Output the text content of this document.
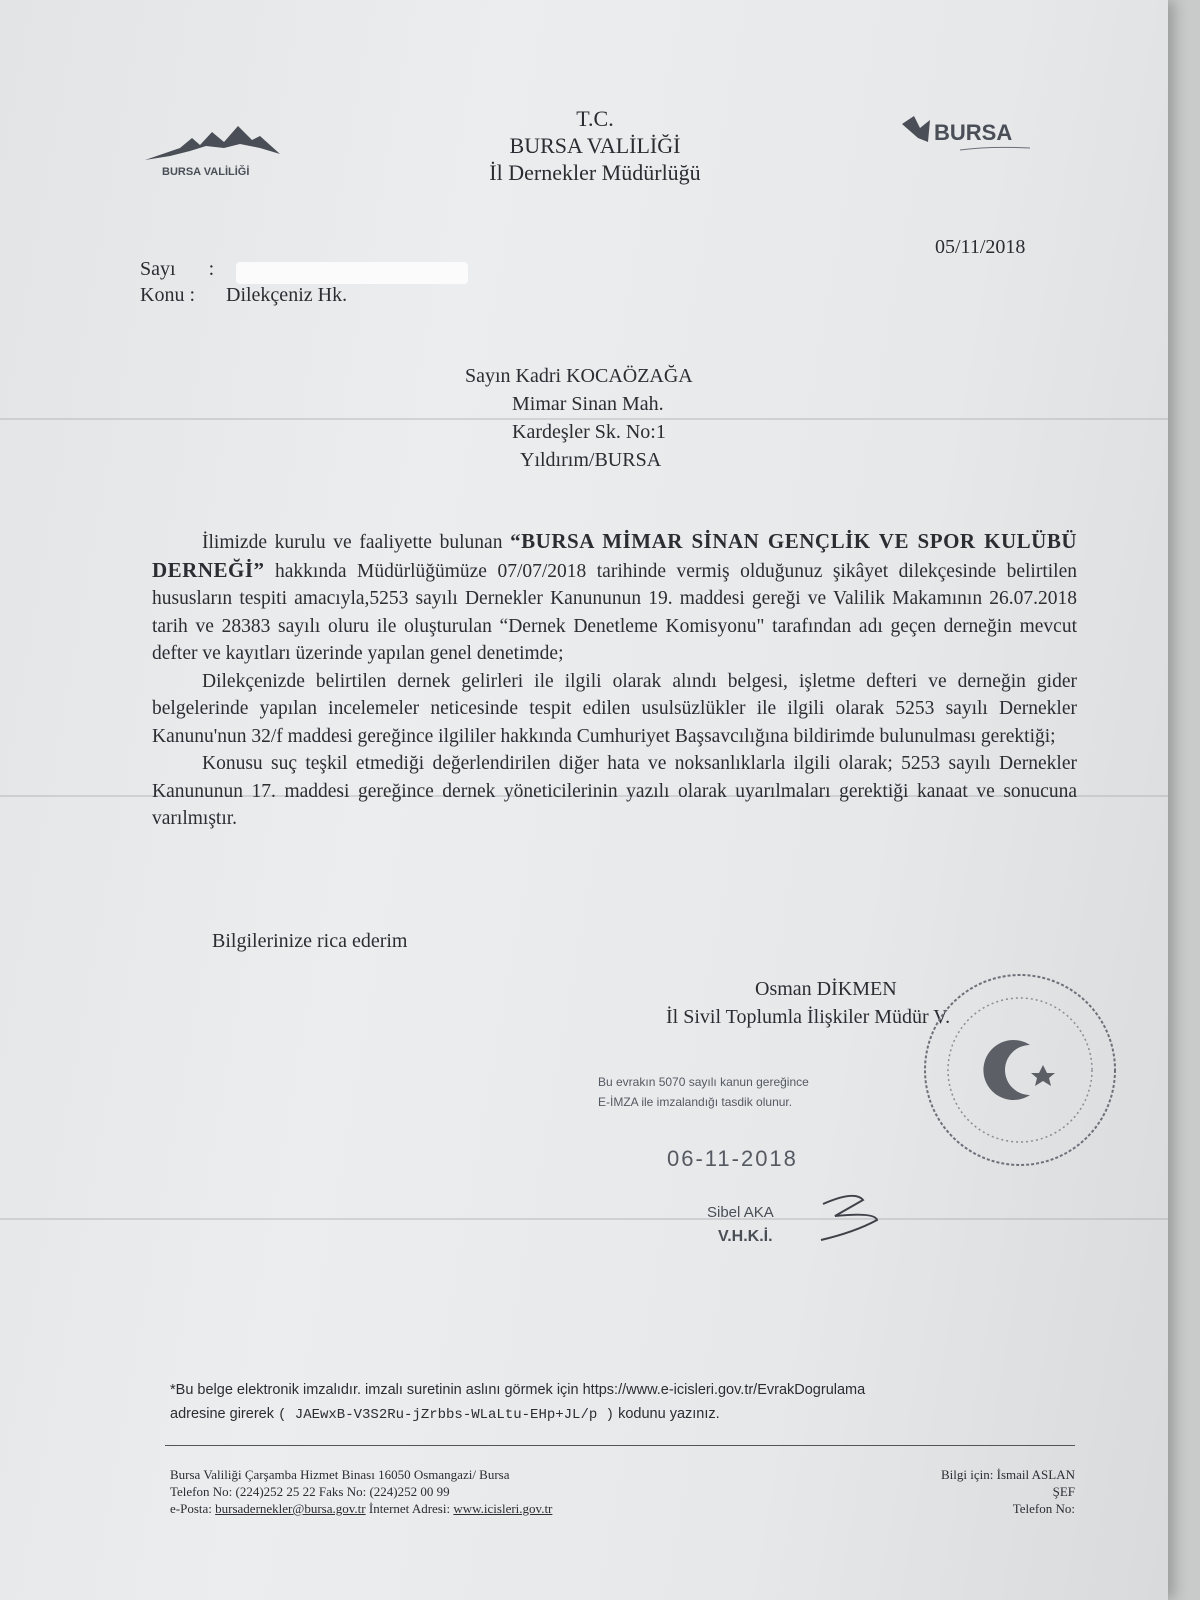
BURSA VALİLİĞİ
T.C.
BURSA VALİLİĞİ
İl Dernekler Müdürlüğü
BURSA
05/11/2018
Sayı :
Konu : Dilekçeniz Hk.
Sayın Kadri KOCAÖZAĞA
Mimar Sinan Mah.
Kardeşler Sk. No:1
Yıldırım/BURSA

İlimizde kurulu ve faaliyette bulunan “BURSA MİMAR SİNAN GENÇLİK VE SPOR KULÜBÜ DERNEĞİ” hakkında Müdürlüğümüze 07/07/2018 tarihinde vermiş olduğunuz şikâyet dilekçesinde belirtilen hususların tespiti amacıyla,5253 sayılı Dernekler Kanununun 19. maddesi gereği ve Valilik Makamının 26.07.2018 tarih ve 28383 sayılı oluru ile oluşturulan “Dernek Denetleme Komisyonu" tarafından adı geçen derneğin mevcut defter ve kayıtları üzerinde yapılan genel denetimde;

Dilekçenizde belirtilen dernek gelirleri ile ilgili olarak alındı belgesi, işletme defteri ve derneğin gider belgelerinde yapılan incelemeler neticesinde tespit edilen usulsüzlükler ile ilgili olarak 5253 sayılı Dernekler Kanunu'nun 32/f maddesi gereğince ilgililer hakkında Cumhuriyet Başsavcılığına bildirimde bulunulması gerektiği;

Konusu suç teşkil etmediği değerlendirilen diğer hata ve noksanlıklarla ilgili olarak; 5253 sayılı Dernekler Kanununun 17. maddesi gereğince dernek yöneticilerinin yazılı olarak uyarılmaları gerektiği kanaat ve sonucuna varılmıştır.

Bilgilerinize rica ederim
Osman DİKMEN
İl Sivil Toplumla İlişkiler Müdür V.
Bu evrakın 5070 sayılı kanun gereğince
E-İMZA ile imzalandığı tasdik olunur.
06-11-2018
Sibel AKA
V.H.K.İ.
*Bu belge elektronik imzalıdır. imzalı suretinin aslını görmek için https://www.e-icisleri.gov.tr/EvrakDogrulama
adresine girerek ( JAEwxB-V3S2Ru-jZrbbs-WLaLtu-EHp+JL/p ) kodunu yazınız.
Bursa Valiliği Çarşamba Hizmet Binası 16050 Osmangazi/ Bursa
Telefon No: (224)252 25 22 Faks No: (224)252 00 99
e-Posta: bursadernekler@bursa.gov.tr İnternet Adresi: www.icisleri.gov.tr
Bilgi için: İsmail ASLAN
ŞEF
Telefon No:
